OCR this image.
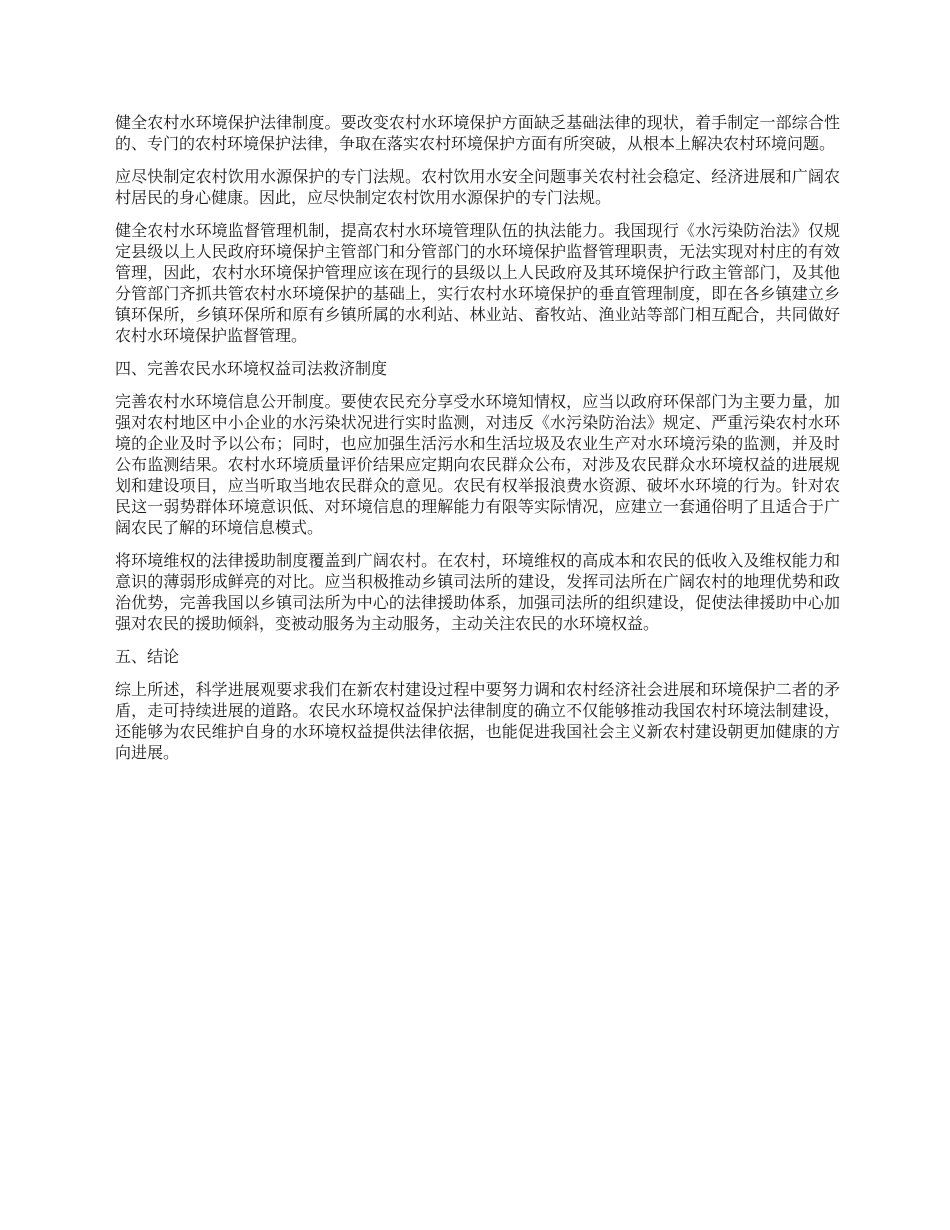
健全农村水环境保护法律制度。要改变农村水环境保护方面缺乏基础法律的现状，着手制定一部综合性的、专门的农村环境保护法律，争取在落实农村环境保护方面有所突破，从根本上解决农村环境问题。

应尽快制定农村饮用水源保护的专门法规。农村饮用水安全问题事关农村社会稳定、经济进展和广阔农村居民的身心健康。因此，应尽快制定农村饮用水源保护的专门法规。

健全农村水环境监督管理机制，提高农村水环境管理队伍的执法能力。我国现行《水污染防治法》仅规定县级以上人民政府环境保护主管部门和分管部门的水环境保护监督管理职责，无法实现对村庄的有效管理，因此，农村水环境保护管理应该在现行的县级以上人民政府及其环境保护行政主管部门，及其他分管部门齐抓共管农村水环境保护的基础上，实行农村水环境保护的垂直管理制度，即在各乡镇建立乡镇环保所，乡镇环保所和原有乡镇所属的水利站、林业站、畜牧站、渔业站等部门相互配合，共同做好农村水环境保护监督管理。

四、完善农民水环境权益司法救济制度

完善农村水环境信息公开制度。要使农民充分享受水环境知情权，应当以政府环保部门为主要力量，加强对农村地区中小企业的水污染状况进行实时监测，对违反《水污染防治法》规定、严重污染农村水环境的企业及时予以公布；同时，也应加强生活污水和生活垃圾及农业生产对水环境污染的监测，并及时公布监测结果。农村水环境质量评价结果应定期向农民群众公布，对涉及农民群众水环境权益的进展规划和建设项目，应当听取当地农民群众的意见。农民有权举报浪费水资源、破坏水环境的行为。针对农民这一弱势群体环境意识低、对环境信息的理解能力有限等实际情况，应建立一套通俗明了且适合于广阔农民了解的环境信息模式。

将环境维权的法律援助制度覆盖到广阔农村。在农村，环境维权的高成本和农民的低收入及维权能力和意识的薄弱形成鲜亮的对比。应当积极推动乡镇司法所的建设，发挥司法所在广阔农村的地理优势和政治优势，完善我国以乡镇司法所为中心的法律援助体系，加强司法所的组织建设，促使法律援助中心加强对农民的援助倾斜，变被动服务为主动服务，主动关注农民的水环境权益。

五、结论

综上所述，科学进展观要求我们在新农村建设过程中要努力调和农村经济社会进展和环境保护二者的矛盾，走可持续进展的道路。农民水环境权益保护法律制度的确立不仅能够推动我国农村环境法制建设，还能够为农民维护自身的水环境权益提供法律依据，也能促进我国社会主义新农村建设朝更加健康的方向进展。
